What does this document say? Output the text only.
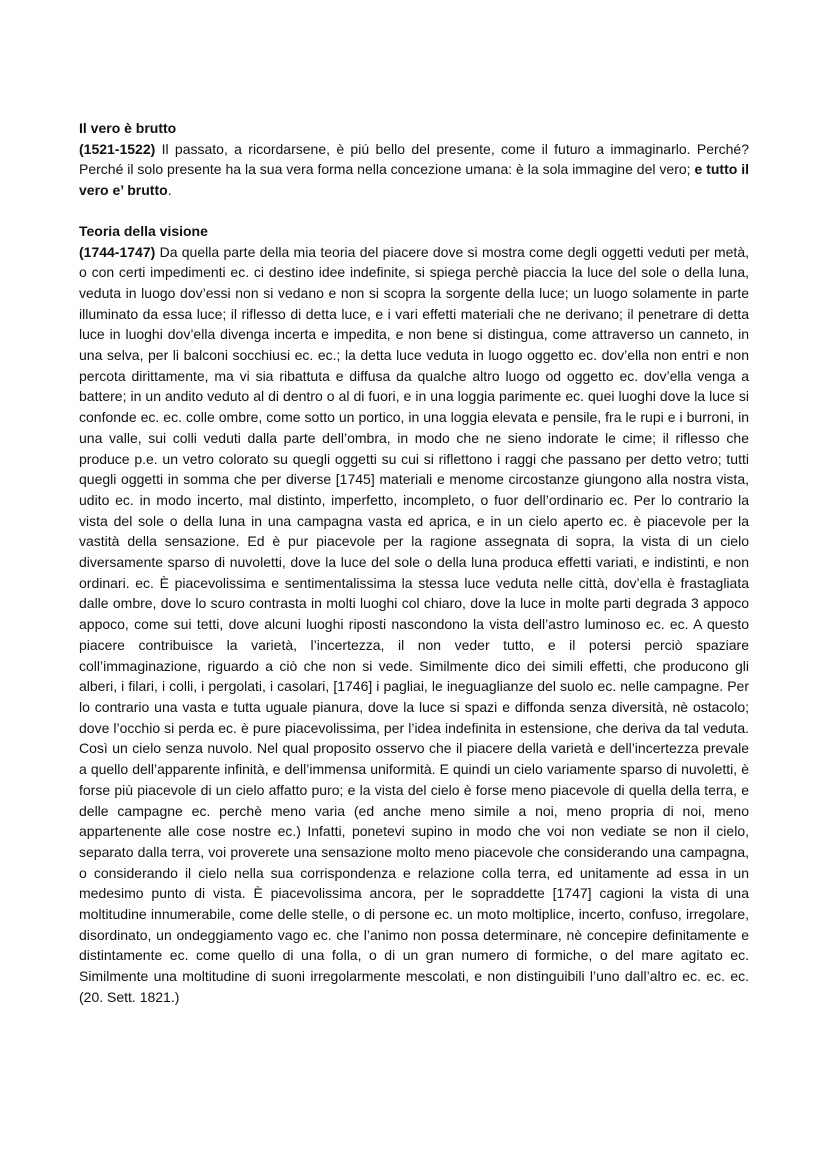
Il vero è brutto

(1521-1522) Il passato, a ricordarsene, è piú bello del presente, come il futuro a immaginarlo. Perché? Perché il solo presente ha la sua vera forma nella concezione umana: è la sola immagine del vero; e tutto il vero e’ brutto.

Teoria della visione

(1744-1747) Da quella parte della mia teoria del piacere dove si mostra come degli oggetti veduti per metà, o con certi impedimenti ec. ci destino idee indefinite, si spiega perchè piaccia la luce del sole o della luna, veduta in luogo dov’essi non si vedano e non si scopra la sorgente della luce; un luogo solamente in parte illuminato da essa luce; il riflesso di detta luce, e i vari effetti materiali che ne derivano; il penetrare di detta luce in luoghi dov’ella divenga incerta e impedita, e non bene si distingua, come attraverso un canneto, in una selva, per li balconi socchiusi ec. ec.; la detta luce veduta in luogo oggetto ec. dov’ella non entri e non percota dirittamente, ma vi sia ribattuta e diffusa da qualche altro luogo od oggetto ec. dov’ella venga a battere; in un andito veduto al di dentro o al di fuori, e in una loggia parimente ec. quei luoghi dove la luce si confonde ec. ec. colle ombre, come sotto un portico, in una loggia elevata e pensile, fra le rupi e i burroni, in una valle, sui colli veduti dalla parte dell’ombra, in modo che ne sieno indorate le cime; il riflesso che produce p.e. un vetro colorato su quegli oggetti su cui si riflettono i raggi che passano per detto vetro; tutti quegli oggetti in somma che per diverse [1745] materiali e menome circostanze giungono alla nostra vista, udito ec. in modo incerto, mal distinto, imperfetto, incompleto, o fuor dell’ordinario ec. Per lo contrario la vista del sole o della luna in una campagna vasta ed aprica, e in un cielo aperto ec. è piacevole per la vastità della sensazione. Ed è pur piacevole per la ragione assegnata di sopra, la vista di un cielo diversamente sparso di nuvoletti, dove la luce del sole o della luna produca effetti variati, e indistinti, e non ordinari. ec. È piacevolissima e sentimentalissima la stessa luce veduta nelle città, dov’ella è frastagliata dalle ombre, dove lo scuro contrasta in molti luoghi col chiaro, dove la luce in molte parti degrada 3 appoco appoco, come sui tetti, dove alcuni luoghi riposti nascondono la vista dell’astro luminoso ec. ec. A questo piacere contribuisce la varietà, l’incertezza, il non veder tutto, e il potersi perciò spaziare coll’immaginazione, riguardo a ciò che non si vede. Similmente dico dei simili effetti, che producono gli alberi, i filari, i colli, i pergolati, i casolari, [1746] i pagliai, le ineguaglianze del suolo ec. nelle campagne. Per lo contrario una vasta e tutta uguale pianura, dove la luce si spazi e diffonda senza diversità, nè ostacolo; dove l’occhio si perda ec. è pure piacevolissima, per l’idea indefinita in estensione, che deriva da tal veduta. Così un cielo senza nuvolo. Nel qual proposito osservo che il piacere della varietà e dell’incertezza prevale a quello dell’apparente infinità, e dell’immensa uniformità. E quindi un cielo variamente sparso di nuvoletti, è forse più piacevole di un cielo affatto puro; e la vista del cielo è forse meno piacevole di quella della terra, e delle campagne ec. perchè meno varia (ed anche meno simile a noi, meno propria di noi, meno appartenente alle cose nostre ec.) Infatti, ponetevi supino in modo che voi non vediate se non il cielo, separato dalla terra, voi proverete una sensazione molto meno piacevole che considerando una campagna, o considerando il cielo nella sua corrispondenza e relazione colla terra, ed unitamente ad essa in un medesimo punto di vista. È piacevolissima ancora, per le sopraddette [1747] cagioni la vista di una moltitudine innumerabile, come delle stelle, o di persone ec. un moto moltiplice, incerto, confuso, irregolare, disordinato, un ondeggiamento vago ec. che l’animo non possa determinare, nè concepire definitamente e distintamente ec. come quello di una folla, o di un gran numero di formiche, o del mare agitato ec. Similmente una moltitudine di suoni irregolarmente mescolati, e non distinguibili l’uno dall’altro ec. ec. ec. (20. Sett. 1821.)
